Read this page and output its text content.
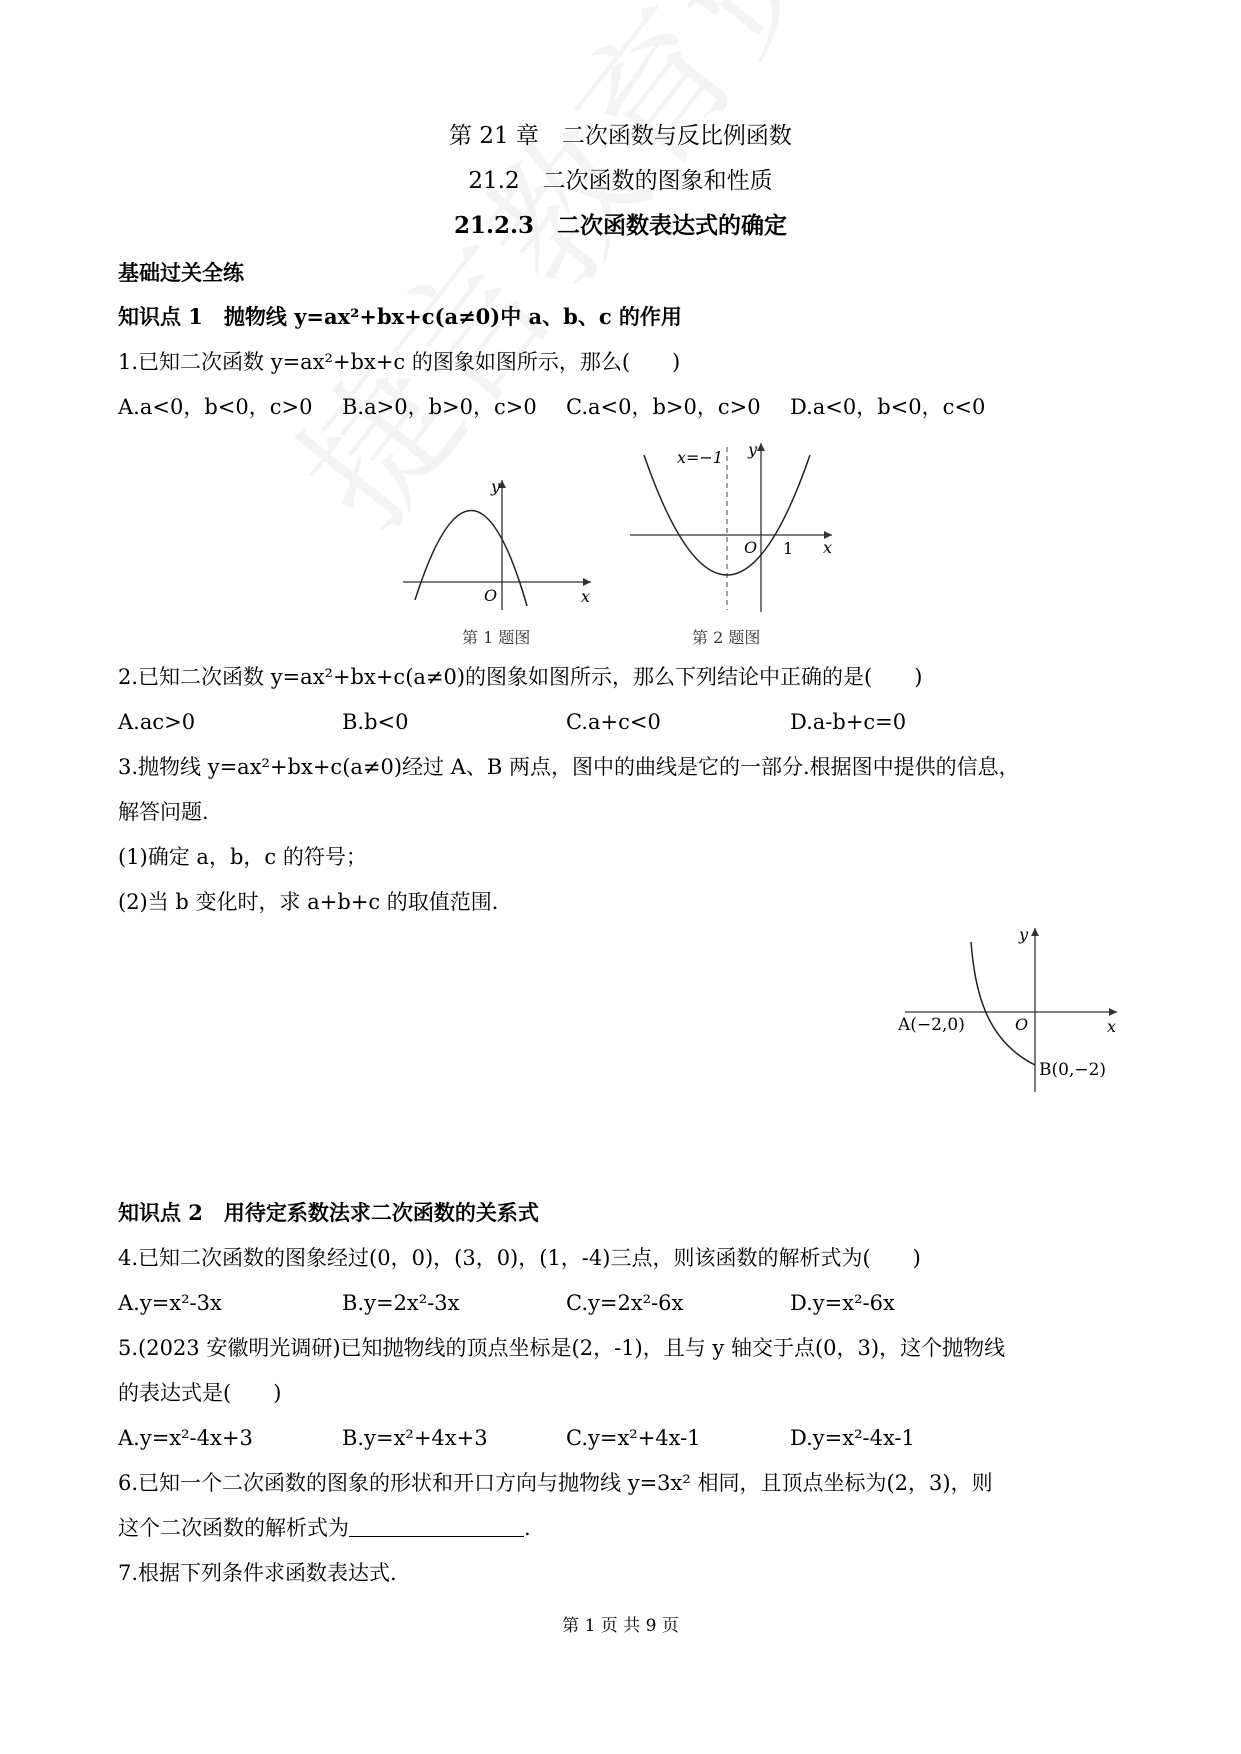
第 21 章　二次函数与反比例函数
21.2　二次函数的图象和性质
21.2.3　二次函数表达式的确定
基础过关全练
知识点 1　抛物线 y=ax²+bx+c(a≠0)中 a、b、c 的作用
1.已知二次函数 y=ax²+bx+c 的图象如图所示，那么(　　)
A.a<0，b<0，c>0 B.a>0，b>0，c>0 C.a<0，b>0，c>0 D.a<0，b<0，c<0
y
x
O
第 1 题图
y
x
O 1
x=−1
第 2 题图
2.已知二次函数 y=ax²+bx+c(a≠0)的图象如图所示，那么下列结论中正确的是(　　)
A.ac>0	B.b<0	C.a+c<0	D.a-b+c=0
3.抛物线 y=ax²+bx+c(a≠0)经过 A、B 两点，图中的曲线是它的一部分.根据图中提供的信息，
解答问题.
(1)确定 a，b，c 的符号；
(2)当 b 变化时，求 a+b+c 的取值范围.
y
x
O
A(−2,0)
B(0,−2)
知识点 2　用待定系数法求二次函数的关系式
4.已知二次函数的图象经过(0，0)，(3，0)，(1，-4)三点，则该函数的解析式为(　　)
A.y=x²-3x	B.y=2x²-3x	C.y=2x²-6x	D.y=x²-6x
5.(2023 安徽明光调研)已知抛物线的顶点坐标是(2，-1)，且与 y 轴交于点(0，3)，这个抛物线
的表达式是(　　)
A.y=x²-4x+3	B.y=x²+4x+3	C.y=x²+4x-1	D.y=x²-4x-1
6.已知一个二次函数的图象的形状和开口方向与抛物线 y=3x² 相同，且顶点坐标为(2，3)，则
这个二次函数的解析式为	.
7.根据下列条件求函数表达式.
第 1 页 共 9 页
